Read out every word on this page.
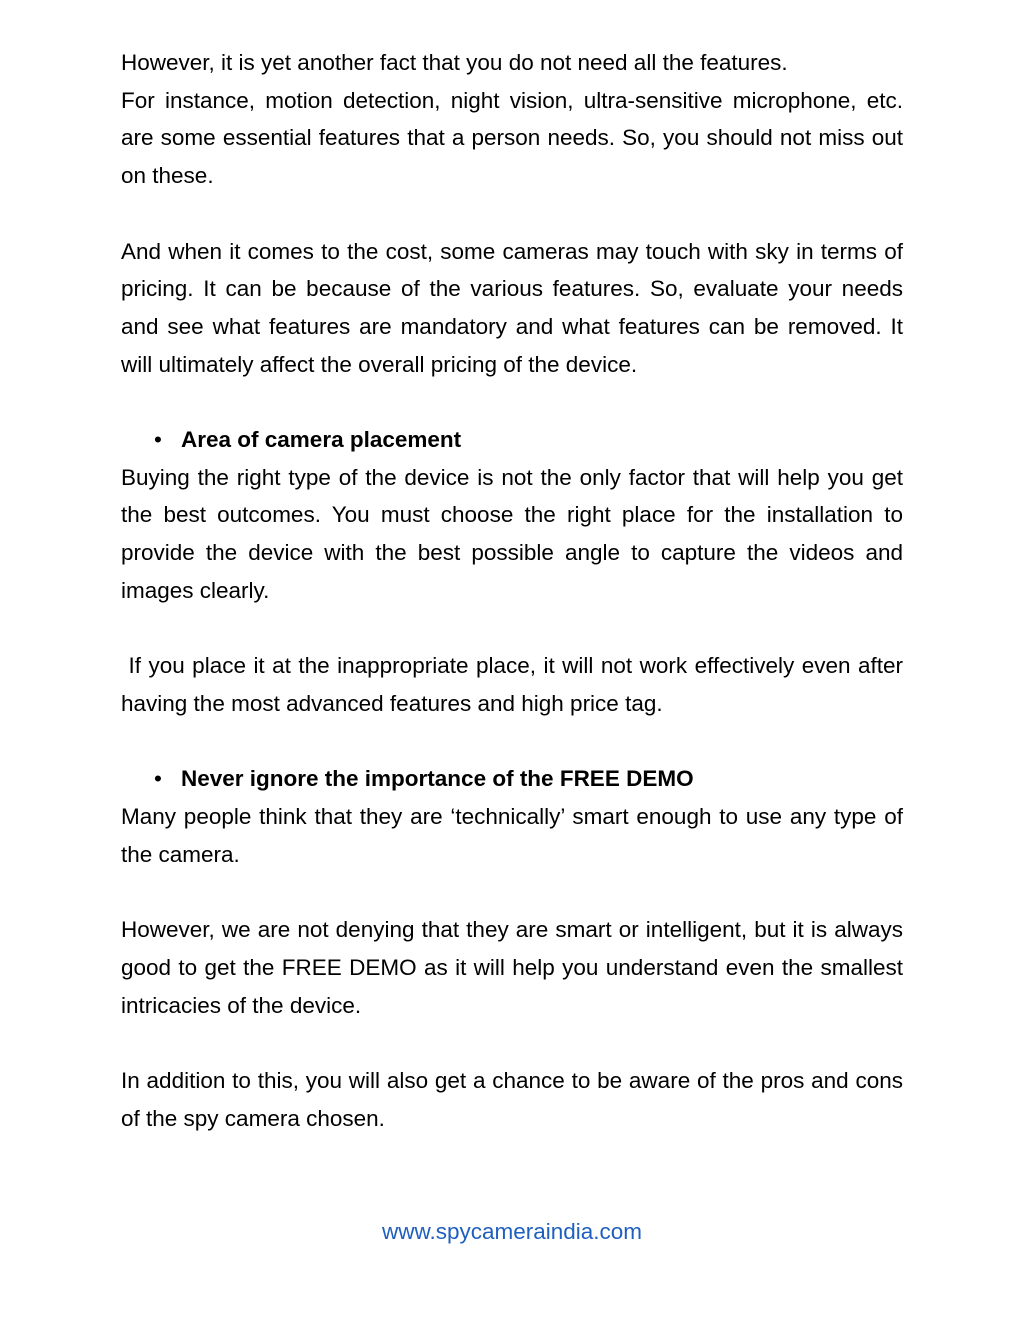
However, it is yet another fact that you do not need all the features.

For instance, motion detection, night vision, ultra-sensitive microphone, etc. are some essential features that a person needs. So, you should not miss out on these.

And when it comes to the cost, some cameras may touch with sky in terms of pricing. It can be because of the various features. So, evaluate your needs and see what features are mandatory and what features can be removed. It will ultimately affect the overall pricing of the device.

• Area of camera placement

Buying the right type of the device is not the only factor that will help you get the best outcomes. You must choose the right place for the installation to provide the device with the best possible angle to capture the videos and images clearly.

If you place it at the inappropriate place, it will not work effectively even after having the most advanced features and high price tag.

• Never ignore the importance of the FREE DEMO

Many people think that they are ‘technically’ smart enough to use any type of the camera.

However, we are not denying that they are smart or intelligent, but it is always good to get the FREE DEMO as it will help you understand even the smallest intricacies of the device.

In addition to this, you will also get a chance to be aware of the pros and cons of the spy camera chosen.

www.spycameraindia.com
